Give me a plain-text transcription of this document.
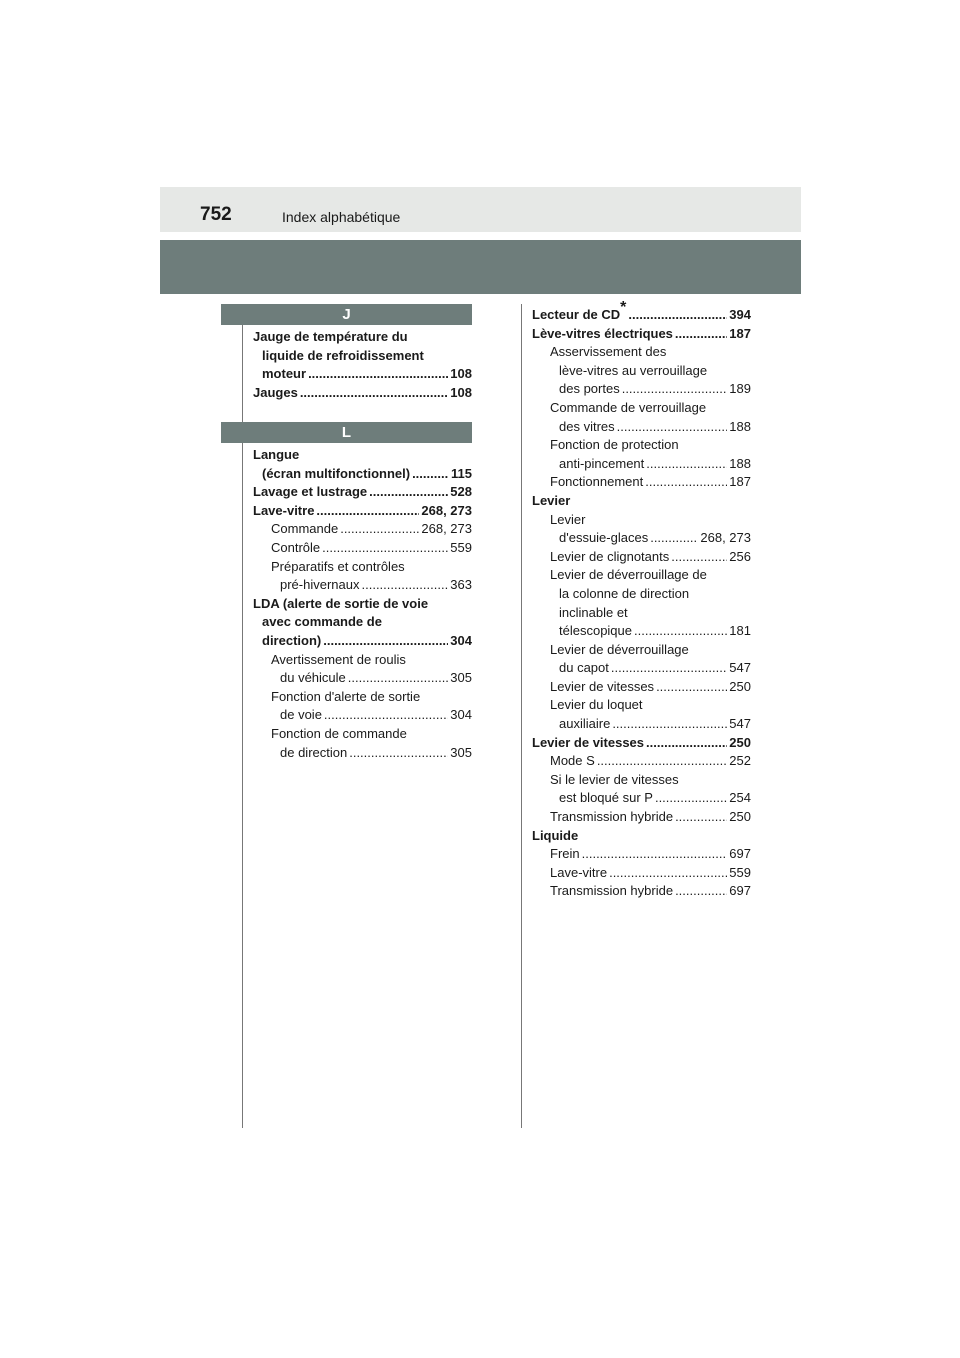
752	Index alphabétique
J
Jauge de température du
liquide de refroidissement
moteur .....	108
Jauges .....	108
L
Langue
(écran multifonctionnel) .....	115
Lavage et lustrage .....	528
Lave-vitre .....	268, 273
Commande .....	268, 273
Contrôle .....	559
Préparatifs et contrôles
pré-hivernaux .....	363
LDA (alerte de sortie de voie
avec commande de
direction) .....	304
Avertissement de roulis
du véhicule .....	305
Fonction d'alerte de sortie
de voie .....	304
Fonction de commande
de direction .....	305
Lecteur de CD* .....	394
Lève-vitres électriques .....	187
Asservissement des
lève-vitres au verrouillage
des portes .....	189
Commande de verrouillage
des vitres .....	188
Fonction de protection
anti-pincement .....	188
Fonctionnement .....	187
Levier
Levier
d'essuie-glaces .....	268, 273
Levier de clignotants .....	256
Levier de déverrouillage de
la colonne de direction
inclinable et
télescopique .....	181
Levier de déverrouillage
du capot .....	547
Levier de vitesses .....	250
Levier du loquet
auxiliaire .....	547
Levier de vitesses .....	250
Mode S .....	252
Si le levier de vitesses
est bloqué sur P .....	254
Transmission hybride .....	250
Liquide
Frein .....	697
Lave-vitre .....	559
Transmission hybride .....	697
